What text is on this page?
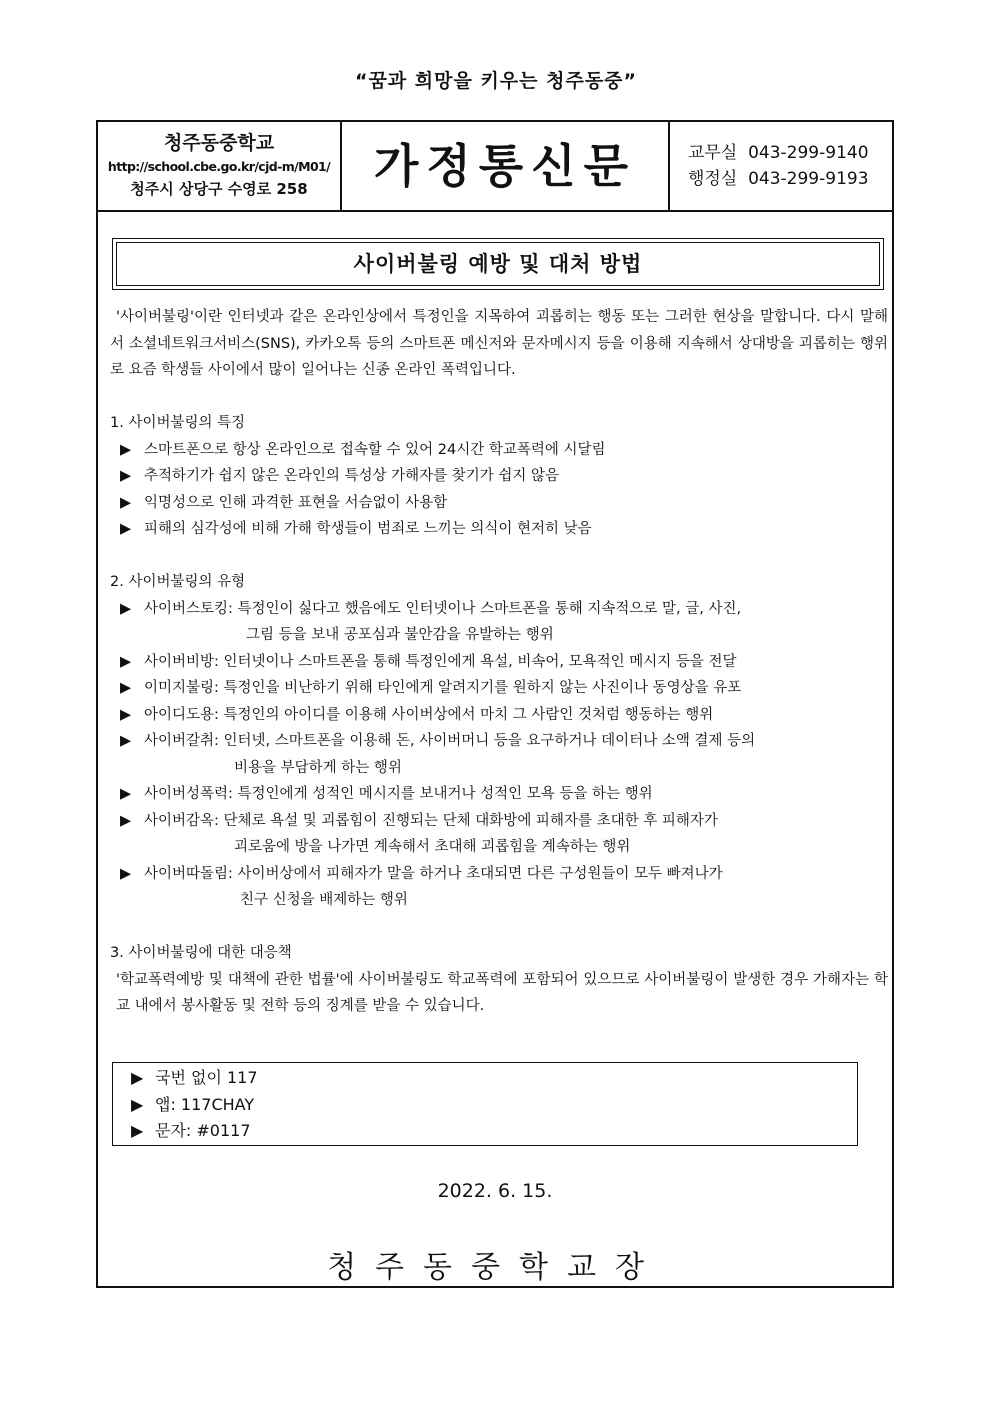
“꿈과 희망을 키우는 청주동중”
청주동중학교
http://school.cbe.go.kr/cjd-m/M01/
청주시 상당구 수영로 258	가정통신문	교무실 043-299-9140
행정실 043-299-9193
사이버불링 예방 및 대처 방법

'사이버불링'이란 인터넷과 같은 온라인상에서 특정인을 지목하여 괴롭히는 행동 또는 그러한 현상을 말합니다. 다시 말해서 소셜네트워크서비스(SNS), 카카오톡 등의 스마트폰 메신저와 문자메시지 등을 이용해 지속해서 상대방을 괴롭히는 행위로 요즘 학생들 사이에서 많이 일어나는 신종 온라인 폭력입니다.

1. 사이버불링의 특징
▶ 스마트폰으로 항상 온라인으로 접속할 수 있어 24시간 학교폭력에 시달림
▶ 추적하기가 쉽지 않은 온라인의 특성상 가해자를 찾기가 쉽지 않음
▶ 익명성으로 인해 과격한 표현을 서슴없이 사용함
▶ 피해의 심각성에 비해 가해 학생들이 범죄로 느끼는 의식이 현저히 낮음
2. 사이버불링의 유형
▶ 사이버스토킹: 특정인이 싫다고 했음에도 인터넷이나 스마트폰을 통해 지속적으로 말, 글, 사진,
그림 등을 보내 공포심과 불안감을 유발하는 행위
▶ 사이버비방: 인터넷이나 스마트폰을 통해 특정인에게 욕설, 비속어, 모욕적인 메시지 등을 전달
▶ 이미지불링: 특정인을 비난하기 위해 타인에게 알려지기를 원하지 않는 사진이나 동영상을 유포
▶ 아이디도용: 특정인의 아이디를 이용해 사이버상에서 마치 그 사람인 것처럼 행동하는 행위
▶ 사이버갈취: 인터넷, 스마트폰을 이용해 돈, 사이버머니 등을 요구하거나 데이터나 소액 결제 등의
비용을 부담하게 하는 행위
▶ 사이버성폭력: 특정인에게 성적인 메시지를 보내거나 성적인 모욕 등을 하는 행위
▶ 사이버감옥: 단체로 욕설 및 괴롭힘이 진행되는 단체 대화방에 피해자를 초대한 후 피해자가
괴로움에 방을 나가면 계속해서 초대해 괴롭힘을 계속하는 행위
▶ 사이버따돌림: 사이버상에서 피해자가 말을 하거나 초대되면 다른 구성원들이 모두 빠져나가
친구 신청을 배제하는 행위
3. 사이버불링에 대한 대응책
'학교폭력예방 및 대책에 관한 법률'에 사이버불링도 학교폭력에 포함되어 있으므로 사이버불링이 발생한 경우 가해자는 학교 내에서 봉사활동 및 전학 등의 징계를 받을 수 있습니다.
▶ 국번 없이 117
▶ 앱: 117CHAY
▶ 문자: #0117
2022. 6. 15.
청주동중학교장
